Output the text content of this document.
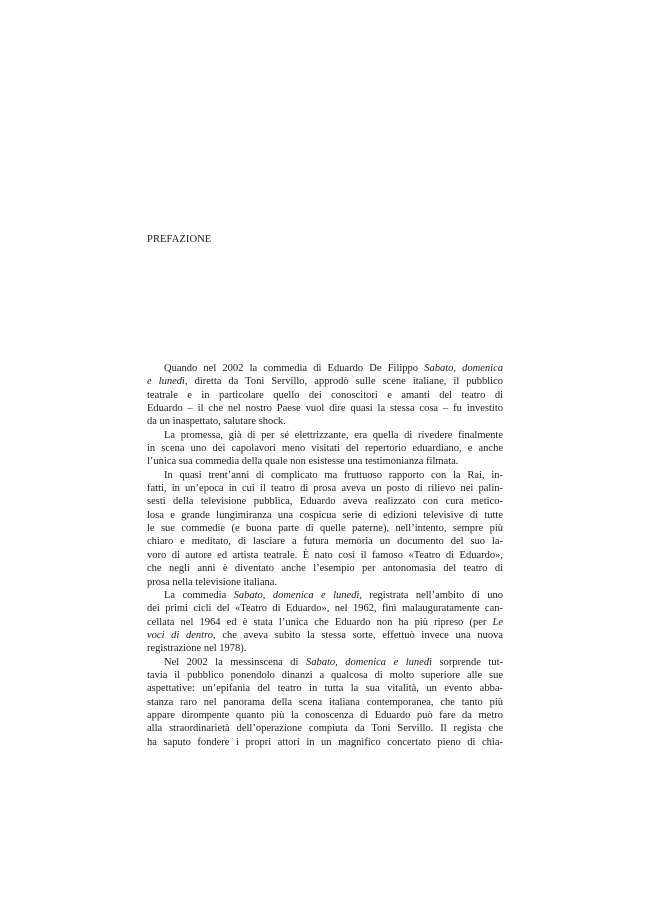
PREFAZIONE
Quando nel 2002 la commedia di Eduardo De Filippo Sabato, domenica
e lunedì, diretta da Toni Servillo, approdò sulle scene italiane, il pubblico
teatrale e in particolare quello dei conoscitori e amanti del teatro di
Eduardo – il che nel nostro Paese vuol dire quasi la stessa cosa – fu investito
da un inaspettato, salutare shock.
La promessa, già di per sé elettrizzante, era quella di rivedere finalmente
in scena uno dei capolavori meno visitati del repertorio eduardiano, e anche
l’unica sua commedia della quale non esistesse una testimonianza filmata.
In quasi trent’anni di complicato ma fruttuoso rapporto con la Rai, in-
fatti, in un’epoca in cui il teatro di prosa aveva un posto di rilievo nei palin-
sesti della televisione pubblica, Eduardo aveva realizzato con cura metico-
losa e grande lungimiranza una cospicua serie di edizioni televisive di tutte
le sue commedie (e buona parte di quelle paterne), nell’intento, sempre più
chiaro e meditato, di lasciare a futura memoria un documento del suo la-
voro di autore ed artista teatrale. È nato così il famoso «Teatro di Eduardo»,
che negli anni è diventato anche l’esempio per antonomasia del teatro di
prosa nella televisione italiana.
La commedia Sabato, domenica e lunedì, registrata nell’ambito di uno
dei primi cicli del «Teatro di Eduardo», nel 1962, finì malauguratamente can-
cellata nel 1964 ed è stata l’unica che Eduardo non ha più ripreso (per Le
voci di dentro, che aveva subìto la stessa sorte, effettuò invece una nuova
registrazione nel 1978).
Nel 2002 la messinscena di Sabato, domenica e lunedì sorprende tut-
tavia il pubblico ponendolo dinanzi a qualcosa di molto superiore alle sue
aspettative: un’epifania del teatro in tutta la sua vitalità, un evento abba-
stanza raro nel panorama della scena italiana contemporanea, che tanto più
appare dirompente quanto più la conoscenza di Eduardo può fare da metro
alla straordinarietà dell’operazione compiuta da Toni Servillo. Il regista che
ha saputo fondere i propri attori in un magnifico concertato pieno di chia-
